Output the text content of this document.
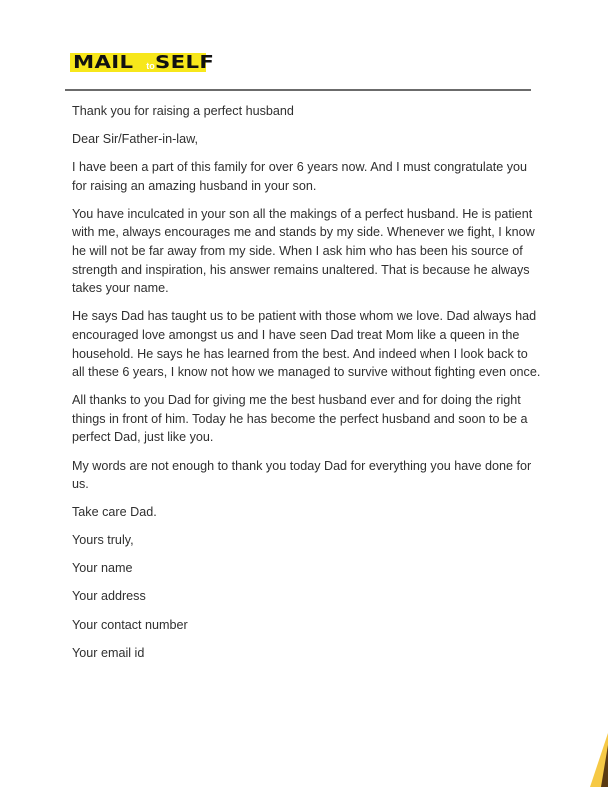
MAIL to SELF

Thank you for raising a perfect husband

Dear Sir/Father-in-law,

I have been a part of this family for over 6 years now. And I must congratulate you for raising an amazing husband in your son.

You have inculcated in your son all the makings of a perfect husband. He is patient with me, always encourages me and stands by my side. Whenever we fight, I know he will not be far away from my side. When I ask him who has been his source of strength and inspiration, his answer remains unaltered. That is because he always takes your name.

He says Dad has taught us to be patient with those whom we love. Dad always had encouraged love amongst us and I have seen Dad treat Mom like a queen in the household. He says he has learned from the best. And indeed when I look back to all these 6 years, I know not how we managed to survive without fighting even once.

All thanks to you Dad for giving me the best husband ever and for doing the right things in front of him. Today he has become the perfect husband and soon to be a perfect Dad, just like you.

My words are not enough to thank you today Dad for everything you have done for us.

Take care Dad.

Yours truly,

Your name

Your address

Your contact number

Your email id
